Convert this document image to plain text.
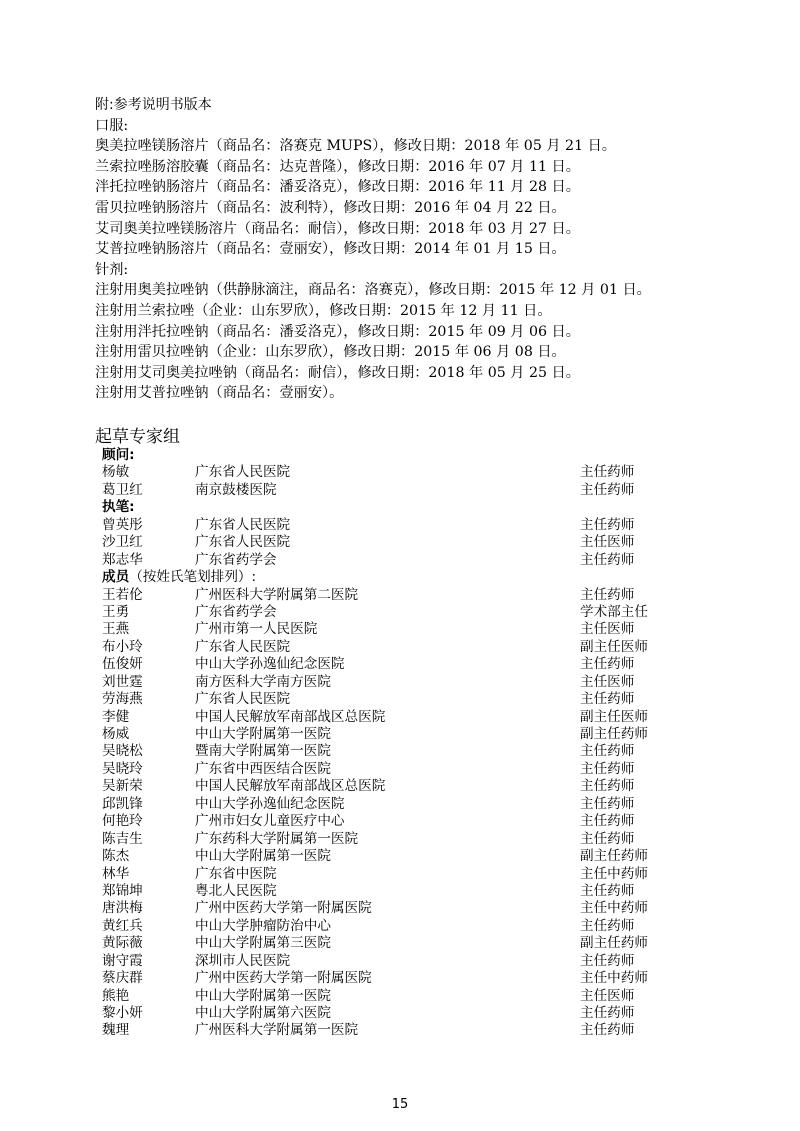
附:参考说明书版本
口服:
奥美拉唑镁肠溶片（商品名：洛赛克 MUPS），修改日期：2018 年 05 月 21 日。
兰索拉唑肠溶胶囊（商品名：达克普隆），修改日期：2016 年 07 月 11 日。
泮托拉唑钠肠溶片（商品名：潘妥洛克），修改日期：2016 年 11 月 28 日。
雷贝拉唑钠肠溶片（商品名：波利特），修改日期：2016 年 04 月 22 日。
艾司奥美拉唑镁肠溶片（商品名：耐信），修改日期：2018 年 03 月 27 日。
艾普拉唑钠肠溶片（商品名：壹丽安），修改日期：2014 年 01 月 15 日。
针剂:
注射用奥美拉唑钠（供静脉滴注，商品名：洛赛克），修改日期：2015 年 12 月 01 日。
注射用兰索拉唑（企业：山东罗欣），修改日期：2015 年 12 月 11 日。
注射用泮托拉唑钠（商品名：潘妥洛克），修改日期：2015 年 09 月 06 日。
注射用雷贝拉唑钠（企业：山东罗欣），修改日期：2015 年 06 月 08 日。
注射用艾司奥美拉唑钠（商品名：耐信），修改日期：2018 年 05 月 25 日。
注射用艾普拉唑钠（商品名：壹丽安）。
起草专家组
顾问:
杨敏	广东省人民医院	主任药师
葛卫红	南京鼓楼医院	主任药师
执笔:
曾英彤	广东省人民医院	主任药师
沙卫红	广东省人民医院	主任医师
郑志华	广东省药学会	主任药师
成员（按姓氏笔划排列）:
王若伦	广州医科大学附属第二医院	主任药师
王勇	广东省药学会	学术部主任
王燕	广州市第一人民医院	主任医师
布小玲	广东省人民医院	副主任医师
伍俊妍	中山大学孙逸仙纪念医院	主任药师
刘世霆	南方医科大学南方医院	主任医师
劳海燕	广东省人民医院	主任药师
李健	中国人民解放军南部战区总医院	副主任医师
杨威	中山大学附属第一医院	副主任药师
吴晓松	暨南大学附属第一医院	主任药师
吴晓玲	广东省中西医结合医院	主任药师
吴新荣	中国人民解放军南部战区总医院	主任药师
邱凯锋	中山大学孙逸仙纪念医院	主任药师
何艳玲	广州市妇女儿童医疗中心	主任药师
陈吉生	广东药科大学附属第一医院	主任药师
陈杰	中山大学附属第一医院	副主任药师
林华	广东省中医院	主任中药师
郑锦坤	粤北人民医院	主任药师
唐洪梅	广州中医药大学第一附属医院	主任中药师
黄红兵	中山大学肿瘤防治中心	主任药师
黄际薇	中山大学附属第三医院	副主任药师
谢守霞	深圳市人民医院	主任药师
蔡庆群	广州中医药大学第一附属医院	主任中药师
熊艳	中山大学附属第一医院	主任医师
黎小妍	中山大学附属第六医院	主任药师
魏理	广州医科大学附属第一医院	主任药师
15
